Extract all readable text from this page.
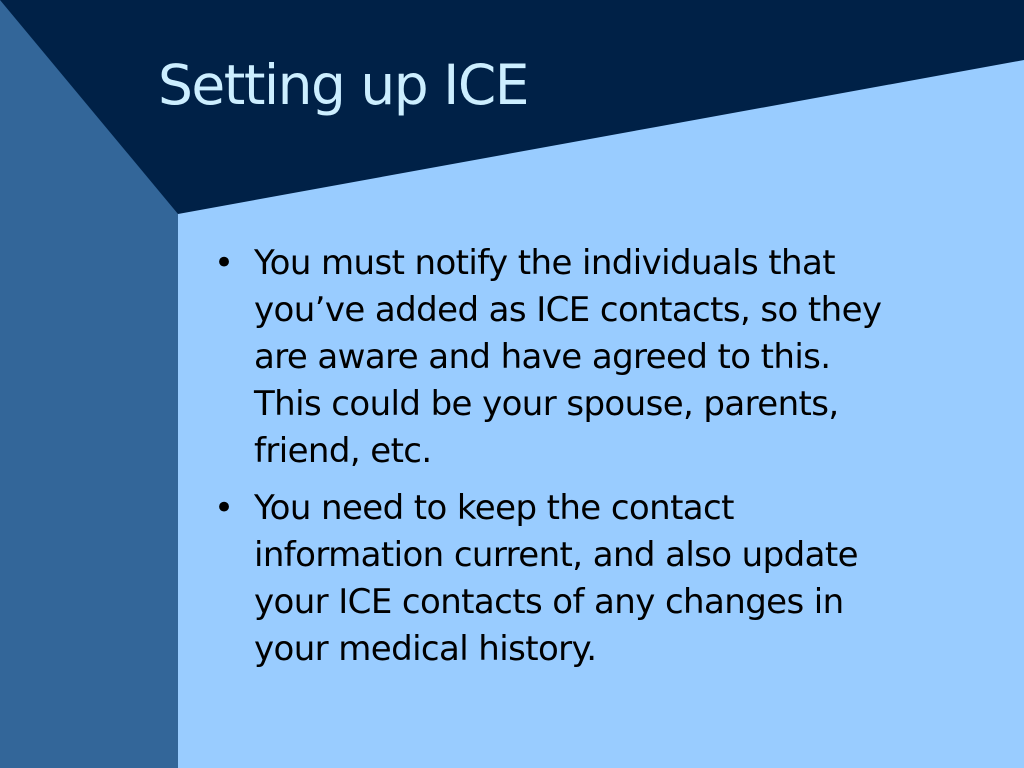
Setting up ICE
• You must notify the individuals that you’ve added as ICE contacts, so they are aware and have agreed to this. This could be your spouse, parents, friend, etc.
• You need to keep the contact information current, and also update your ICE contacts of any changes in your medical history.
